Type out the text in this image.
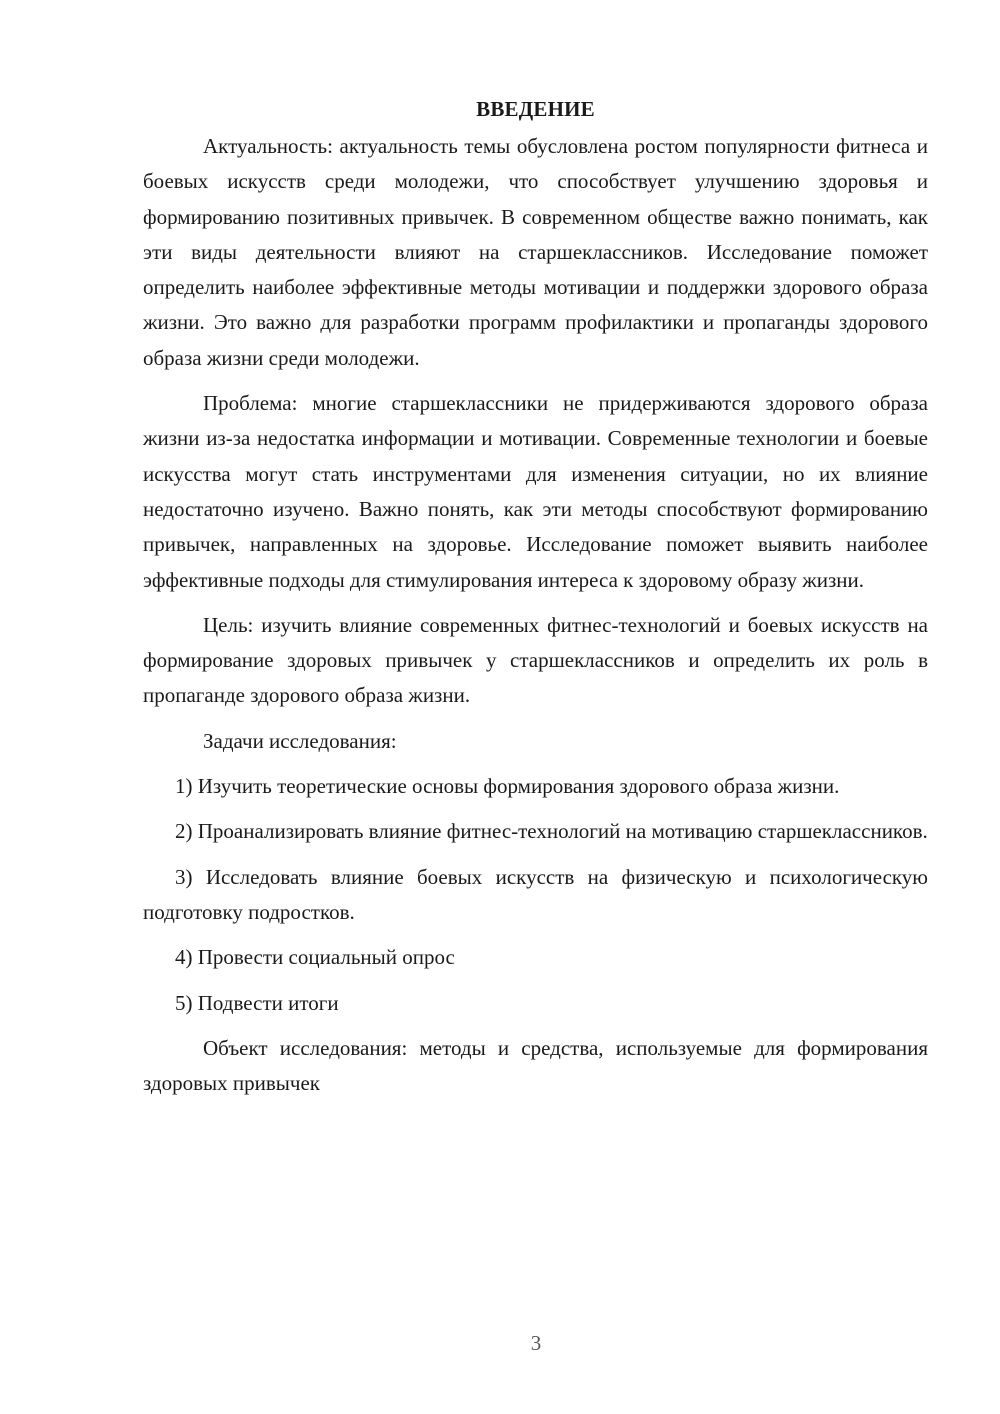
ВВЕДЕНИЕ

Актуальность: актуальность темы обусловлена ростом популярности фитнеса и боевых искусств среди молодежи, что способствует улучшению здоровья и формированию позитивных привычек. В современном обществе важно понимать, как эти виды деятельности влияют на старшеклассников. Исследование поможет определить наиболее эффективные методы мотивации и поддержки здорового образа жизни. Это важно для разработки программ профилактики и пропаганды здорового образа жизни среди молодежи.

Проблема: многие старшеклассники не придерживаются здорового образа жизни из-за недостатка информации и мотивации. Современные технологии и боевые искусства могут стать инструментами для изменения ситуации, но их влияние недостаточно изучено. Важно понять, как эти методы способствуют формированию привычек, направленных на здоровье. Исследование поможет выявить наиболее эффективные подходы для стимулирования интереса к здоровому образу жизни.

Цель: изучить влияние современных фитнес-технологий и боевых искусств на формирование здоровых привычек у старшеклассников и определить их роль в пропаганде здорового образа жизни.

Задачи исследования:

1) Изучить теоретические основы формирования здорового образа жизни.

2) Проанализировать влияние фитнес-технологий на мотивацию старшеклассников.

3) Исследовать влияние боевых искусств на физическую и психологическую подготовку подростков.

4) Провести социальный опрос

5) Подвести итоги

Объект исследования: методы и средства, используемые для формирования здоровых привычек

3
